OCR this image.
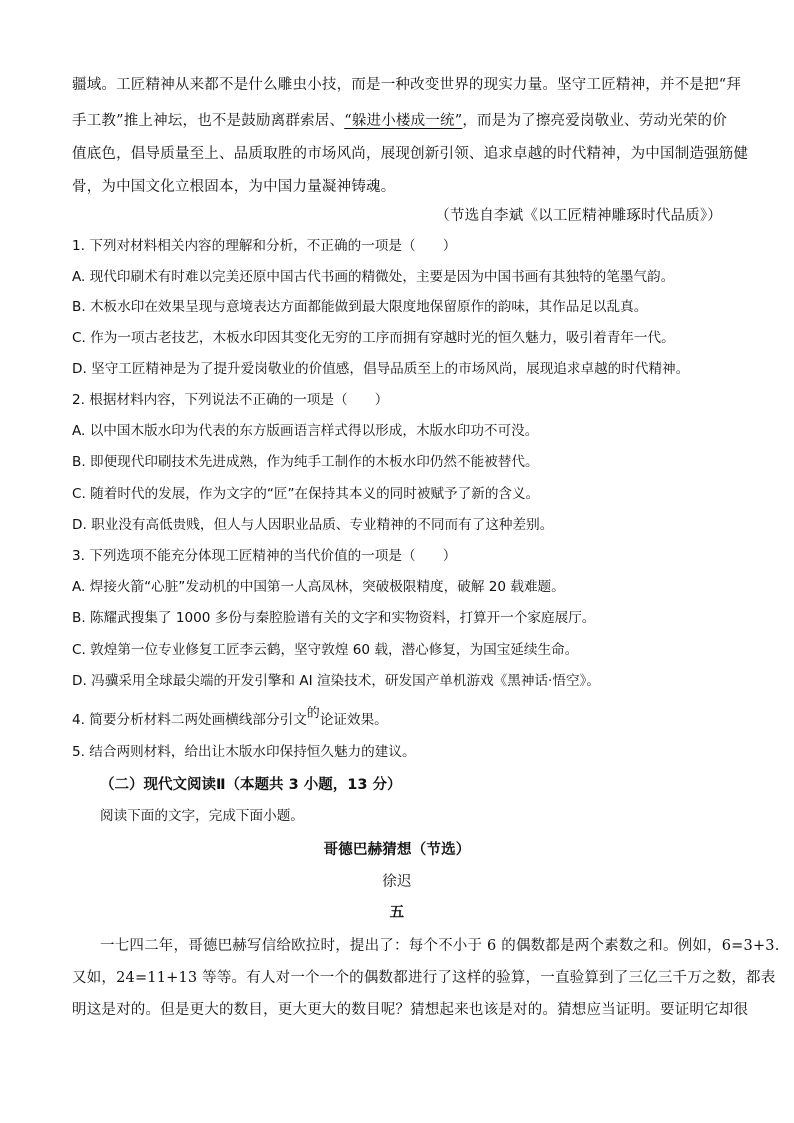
疆域。工匠精神从来都不是什么雕虫小技，而是一种改变世界的现实力量。坚守工匠精神，并不是把“拜
手工教”推上神坛，也不是鼓励离群索居、“躲进小楼成一统”，而是为了擦亮爱岗敬业、劳动光荣的价
值底色，倡导质量至上、品质取胜的市场风尚，展现创新引领、追求卓越的时代精神，为中国制造强筋健
骨，为中国文化立根固本，为中国力量凝神铸魂。
（节选自李斌《以工匠精神雕琢时代品质》）
1. 下列对材料相关内容的理解和分析，不正确的一项是（　　）
A. 现代印刷术有时难以完美还原中国古代书画的精微处，主要是因为中国书画有其独特的笔墨气韵。
B. 木板水印在效果呈现与意境表达方面都能做到最大限度地保留原作的韵味，其作品足以乱真。
C. 作为一项古老技艺，木板水印因其变化无穷的工序而拥有穿越时光的恒久魅力，吸引着青年一代。
D. 坚守工匠精神是为了提升爱岗敬业的价值感，倡导品质至上的市场风尚，展现追求卓越的时代精神。
2. 根据材料内容，下列说法不正确的一项是（　　）
A. 以中国木版水印为代表的东方版画语言样式得以形成，木版水印功不可没。
B. 即便现代印刷技术先进成熟，作为纯手工制作的木板水印仍然不能被替代。
C. 随着时代的发展，作为文字的“匠”在保持其本义的同时被赋予了新的含义。
D. 职业没有高低贵贱，但人与人因职业品质、专业精神的不同而有了这种差别。
3. 下列选项不能充分体现工匠精神的当代价值的一项是（　　）
A. 焊接火箭“心脏”发动机的中国第一人高凤林，突破极限精度，破解 20 载难题。
B. 陈耀武搜集了 1000 多份与秦腔脸谱有关的文字和实物资料，打算开一个家庭展厅。
C. 敦煌第一位专业修复工匠李云鹤，坚守敦煌 60 载，潜心修复，为国宝延续生命。
D. 冯骥采用全球最尖端的开发引擎和 AI 渲染技术，研发国产单机游戏《黑神话·悟空》。
4. 简要分析材料二两处画横线部分引文的论证效果。
5. 结合两则材料，给出让木版水印保持恒久魅力的建议。
（二）现代文阅读Ⅱ（本题共 3 小题，13 分）
阅读下面的文字，完成下面小题。
哥德巴赫猜想（节选）
徐迟
五
一七四二年，哥德巴赫写信给欧拉时，提出了：每个不小于 6 的偶数都是两个素数之和。例如，6=3+3.
又如，24=11+13 等等。有人对一个一个的偶数都进行了这样的验算，一直验算到了三亿三千万之数，都表
明这是对的。但是更大的数目，更大更大的数目呢？猜想起来也该是对的。猜想应当证明。要证明它却很
